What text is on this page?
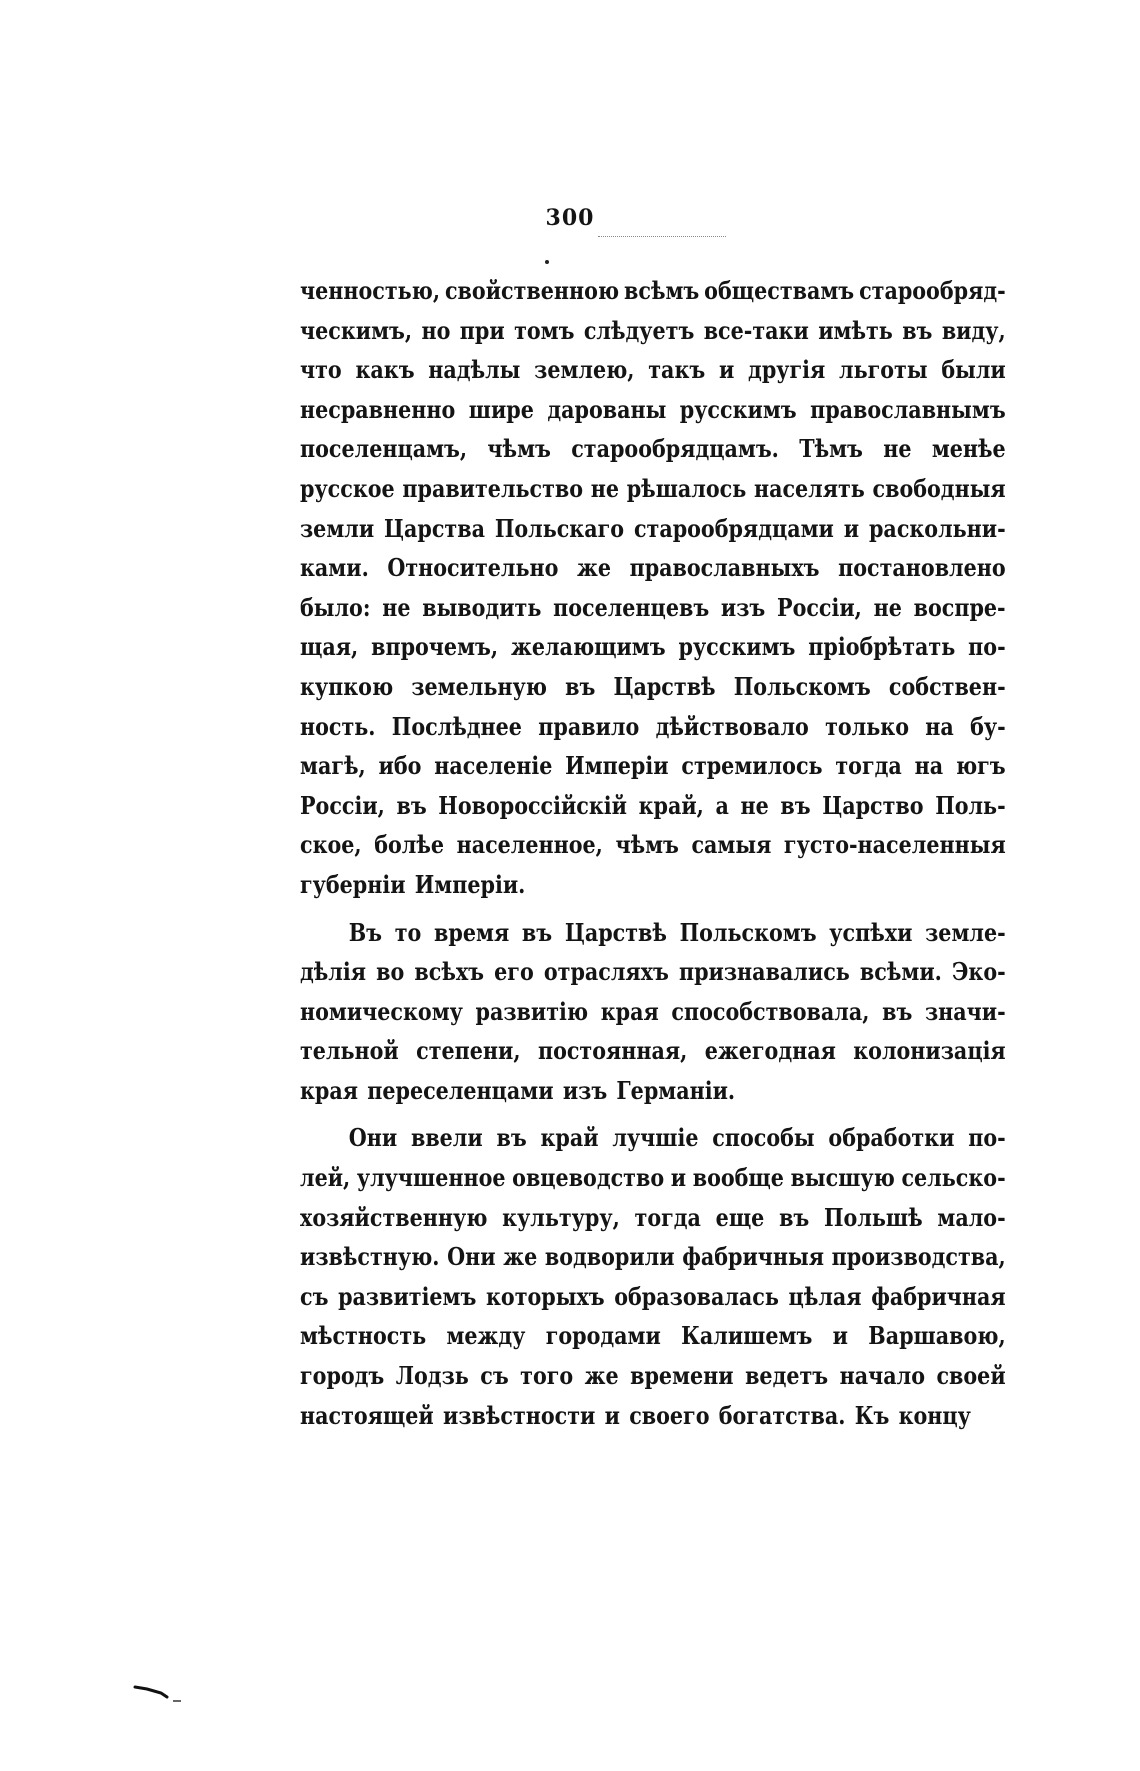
300
ченностью, свойственною всѣмъ обществамъ старообряд-
ческимъ, но при томъ слѣдуетъ все-таки имѣть въ виду,
что какъ надѣлы землею, такъ и другія льготы были
несравненно шире дарованы русскимъ православнымъ
поселенцамъ, чѣмъ старообрядцамъ. Тѣмъ не менѣе
русское правительство не рѣшалось населять свободныя
земли Царства Польскаго старообрядцами и раскольни-
ками. Относительно же православныхъ постановлено
было: не выводить поселенцевъ изъ Россіи, не воспре-
щая, впрочемъ, желающимъ русскимъ пріобрѣтать по-
купкою земельную въ Царствѣ Польскомъ собствен-
ность. Послѣднее правило дѣйствовало только на бу-
магѣ, ибо населеніе Имперіи стремилось тогда на югъ
Россіи, въ Новороссійскій край, а не въ Царство Поль-
ское, болѣе населенное, чѣмъ самыя густо-населенныя
губерніи Имперіи.
Въ то время въ Царствѣ Польскомъ успѣхи земле-
дѣлія во всѣхъ его отрасляхъ признавались всѣми. Эко-
номическому развитію края способствовала, въ значи-
тельной степени, постоянная, ежегодная колонизація
края переселенцами изъ Германіи.
Они ввели въ край лучшіе способы обработки по-
лей, улучшенное овцеводство и вообще высшую сельско-
хозяйственную культуру, тогда еще въ Польшѣ мало-
извѣстную. Они же водворили фабричныя производства,
съ развитіемъ которыхъ образовалась цѣлая фабричная
мѣстность между городами Калишемъ и Варшавою,
городъ Лодзь съ того же времени ведетъ начало своей
настоящей извѣстности и своего богатства. Къ концу
